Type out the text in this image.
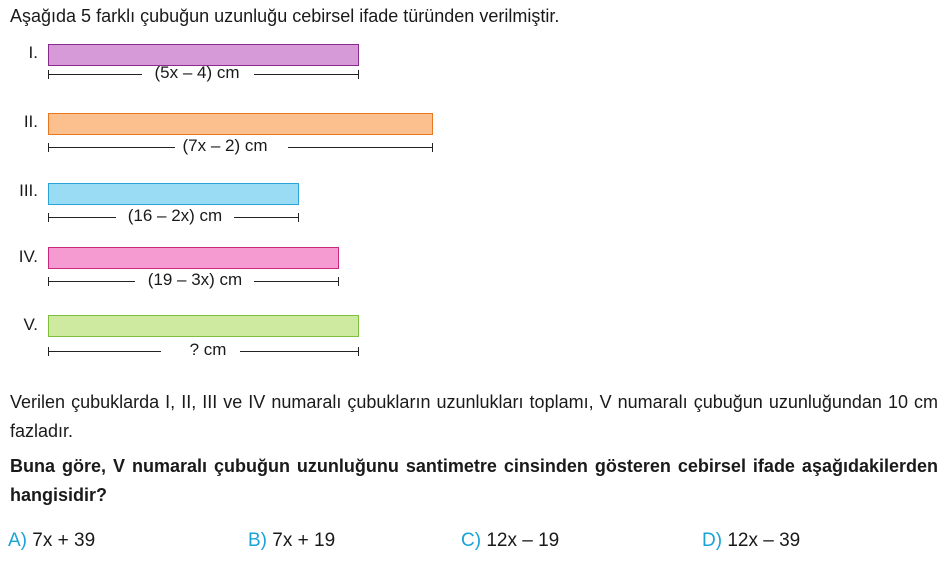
Aşağıda 5 farklı çubuğun uzunluğu cebirsel ifade türünden verilmiştir.
I.
(5x – 4) cm
II.
(7x – 2) cm
III.
(16 – 2x) cm
IV.
(19 – 3x) cm
V.
? cm
Verilen çubuklarda I, II, III ve IV numaralı çubukların uzunlukları toplamı, V numaralı çubuğun uzunluğundan 10 cm fazladır.
Buna göre, V numaralı çubuğun uzunluğunu santimetre cinsinden gösteren cebirsel ifade aşağıdakilerden hangisidir?
A) 7x + 39	B) 7x + 19	C) 12x – 19	D) 12x – 39
